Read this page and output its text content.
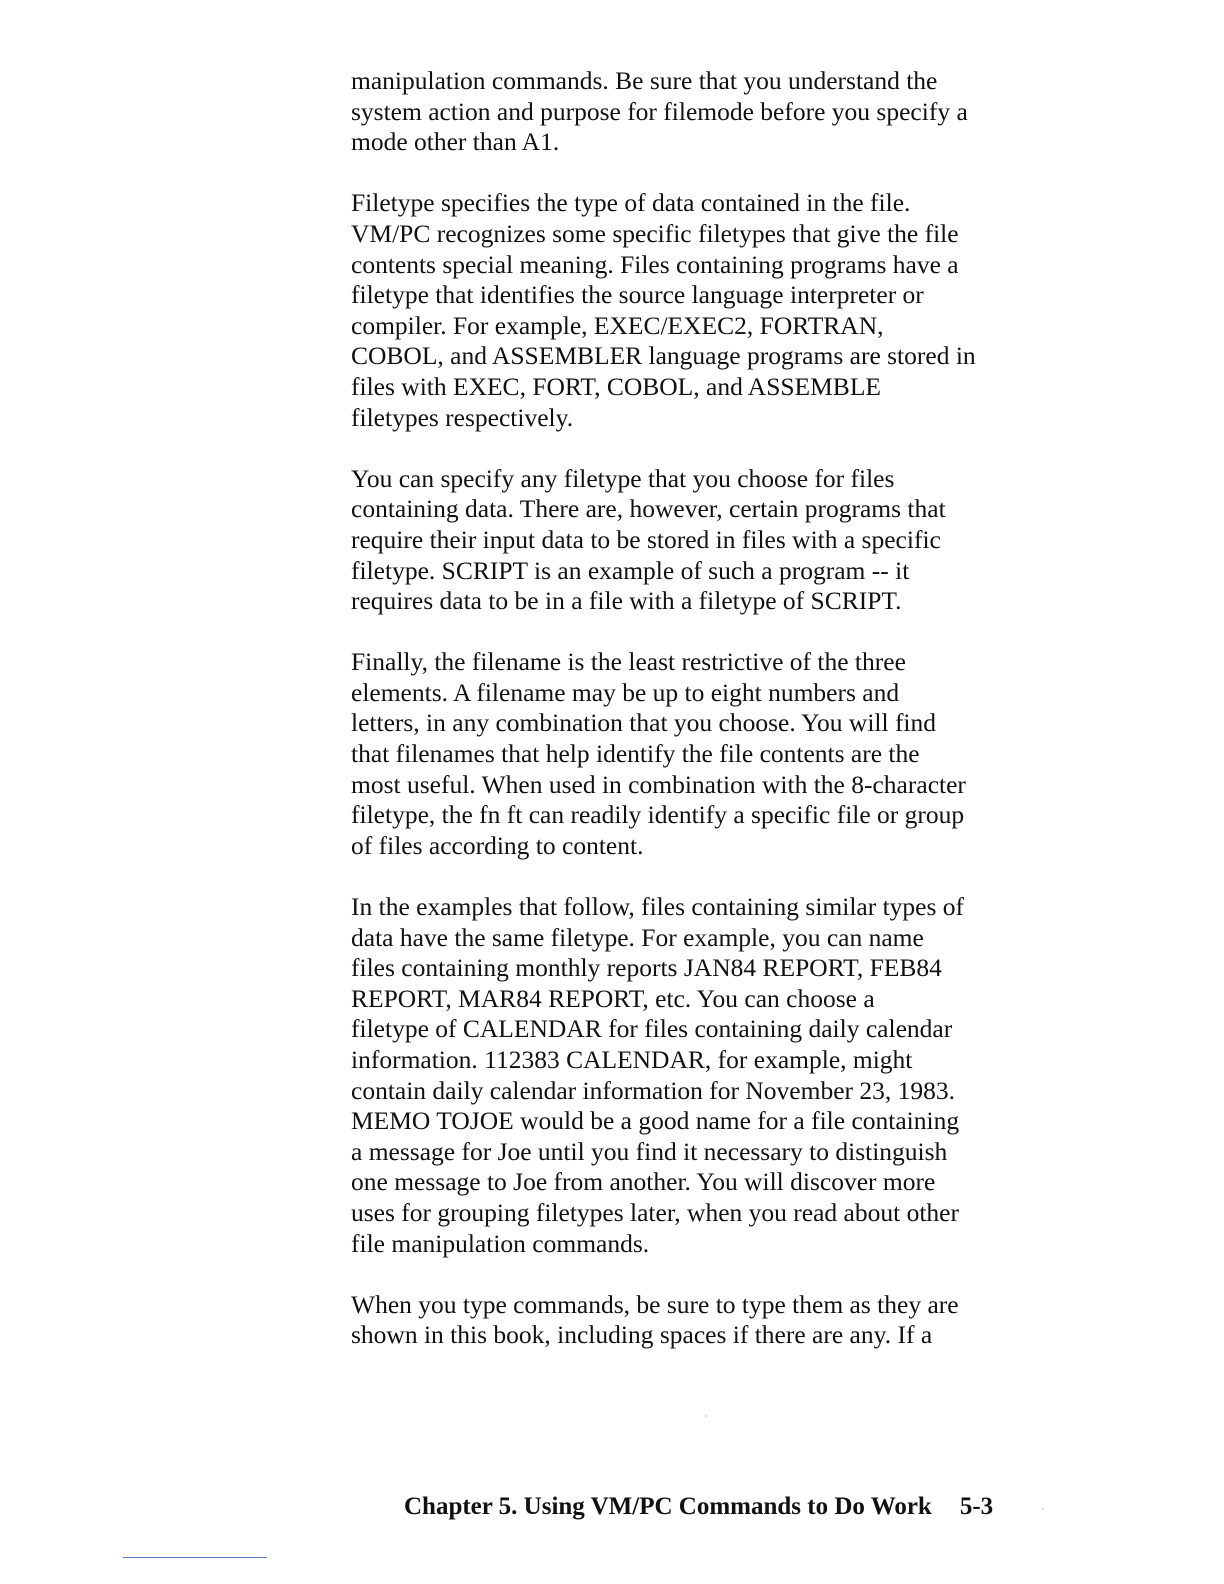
manipulation commands. Be sure that you understand the
system action and purpose for filemode before you specify a
mode other than A1.

Filetype specifies the type of data contained in the file.
VM/PC recognizes some specific filetypes that give the file
contents special meaning. Files containing programs have a
filetype that identifies the source language interpreter or
compiler. For example, EXEC/EXEC2, FORTRAN,
COBOL, and ASSEMBLER language programs are stored in
files with EXEC, FORT, COBOL, and ASSEMBLE
filetypes respectively.

You can specify any filetype that you choose for files
containing data. There are, however, certain programs that
require their input data to be stored in files with a specific
filetype. SCRIPT is an example of such a program -- it
requires data to be in a file with a filetype of SCRIPT.

Finally, the filename is the least restrictive of the three
elements. A filename may be up to eight numbers and
letters, in any combination that you choose. You will find
that filenames that help identify the file contents are the
most useful. When used in combination with the 8-character
filetype, the fn ft can readily identify a specific file or group
of files according to content.

In the examples that follow, files containing similar types of
data have the same filetype. For example, you can name
files containing monthly reports JAN84 REPORT, FEB84
REPORT, MAR84 REPORT, etc. You can choose a
filetype of CALENDAR for files containing daily calendar
information. 112383 CALENDAR, for example, might
contain daily calendar information for November 23, 1983.
MEMO TOJOE would be a good name for a file containing
a message for Joe until you find it necessary to distinguish
one message to Joe from another. You will discover more
uses for grouping filetypes later, when you read about other
file manipulation commands.

When you type commands, be sure to type them as they are
shown in this book, including spaces if there are any. If a

Chapter 5. Using VM/PC Commands to Do Work 5-3
